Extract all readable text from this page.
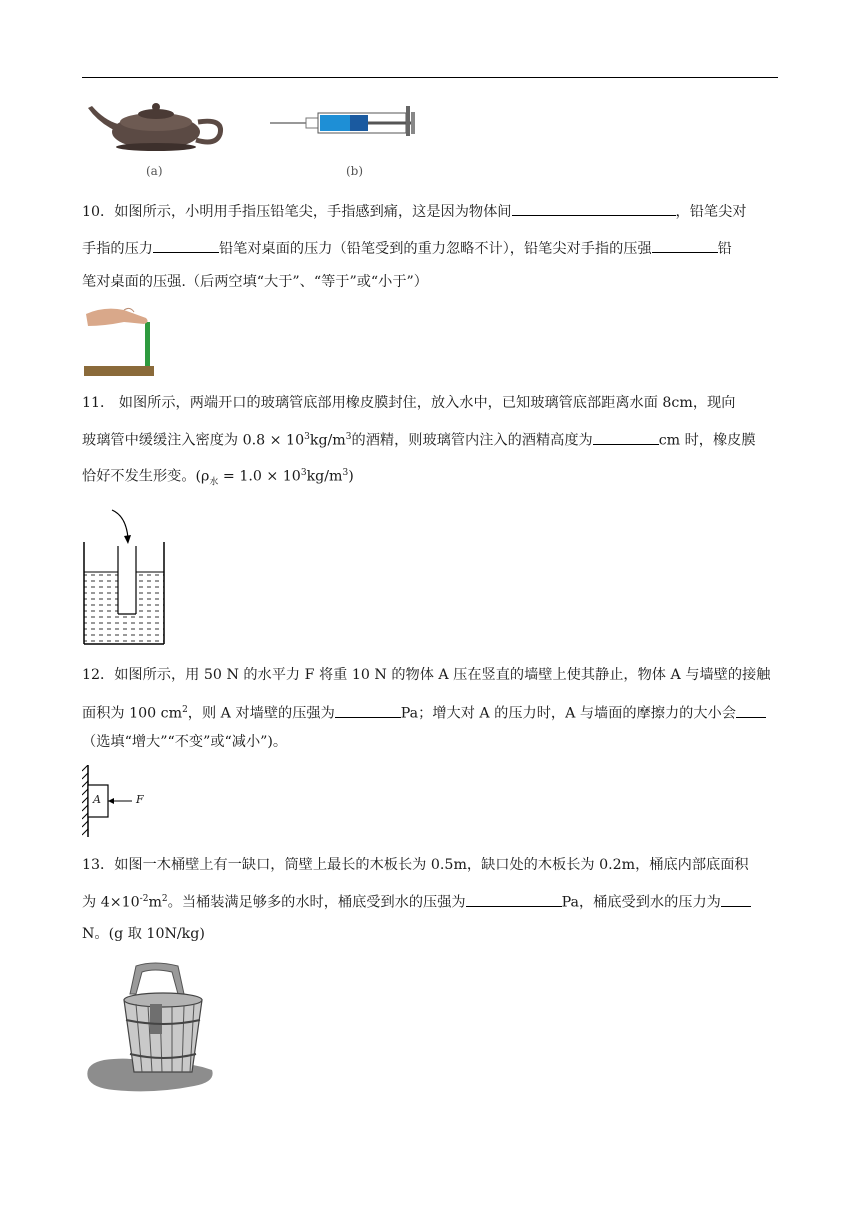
(a)	(b)
10．如图所示，小明用手指压铅笔尖，手指感到痛，这是因为物体间	，铅笔尖对
手指的压力	铅笔对桌面的压力（铅笔受到的重力忽略不计），铅笔尖对手指的压强	铅
笔对桌面的压强.（后两空填“大于”、“等于”或“小于”）
11． 如图所示，两端开口的玻璃管底部用橡皮膜封住，放入水中，已知玻璃管底部距离水面 8cm，现向
玻璃管中缓缓注入密度为 $0.8 \times 10^3kg/m^3$的酒精，则玻璃管内注入的酒精高度为	cm 时，橡皮膜
恰好不发生形变。$(\rho_水 = 1.0 \times 10^3kg/m^3)$
12．如图所示，用 50 N 的水平力 F 将重 10 N 的物体 A 压在竖直的墙壁上使其静止，物体 A 与墙壁的接触
面积为 100 $cm^2$，则 A 对墙壁的压强为	Pa；增大对 A 的压力时，A 与墙面的摩擦力的大小会
（选填“增大”“不变”或“减小”)。
A	F
13．如图一木桶壁上有一缺口，筒壁上最长的木板长为 0.5m，缺口处的木板长为 0.2m，桶底内部底面积
为 $4\times 10^{-2}m^2$。当桶装满足够多的水时，桶底受到水的压强为	Pa，桶底受到水的压力为
N。(g 取 10N/kg)
